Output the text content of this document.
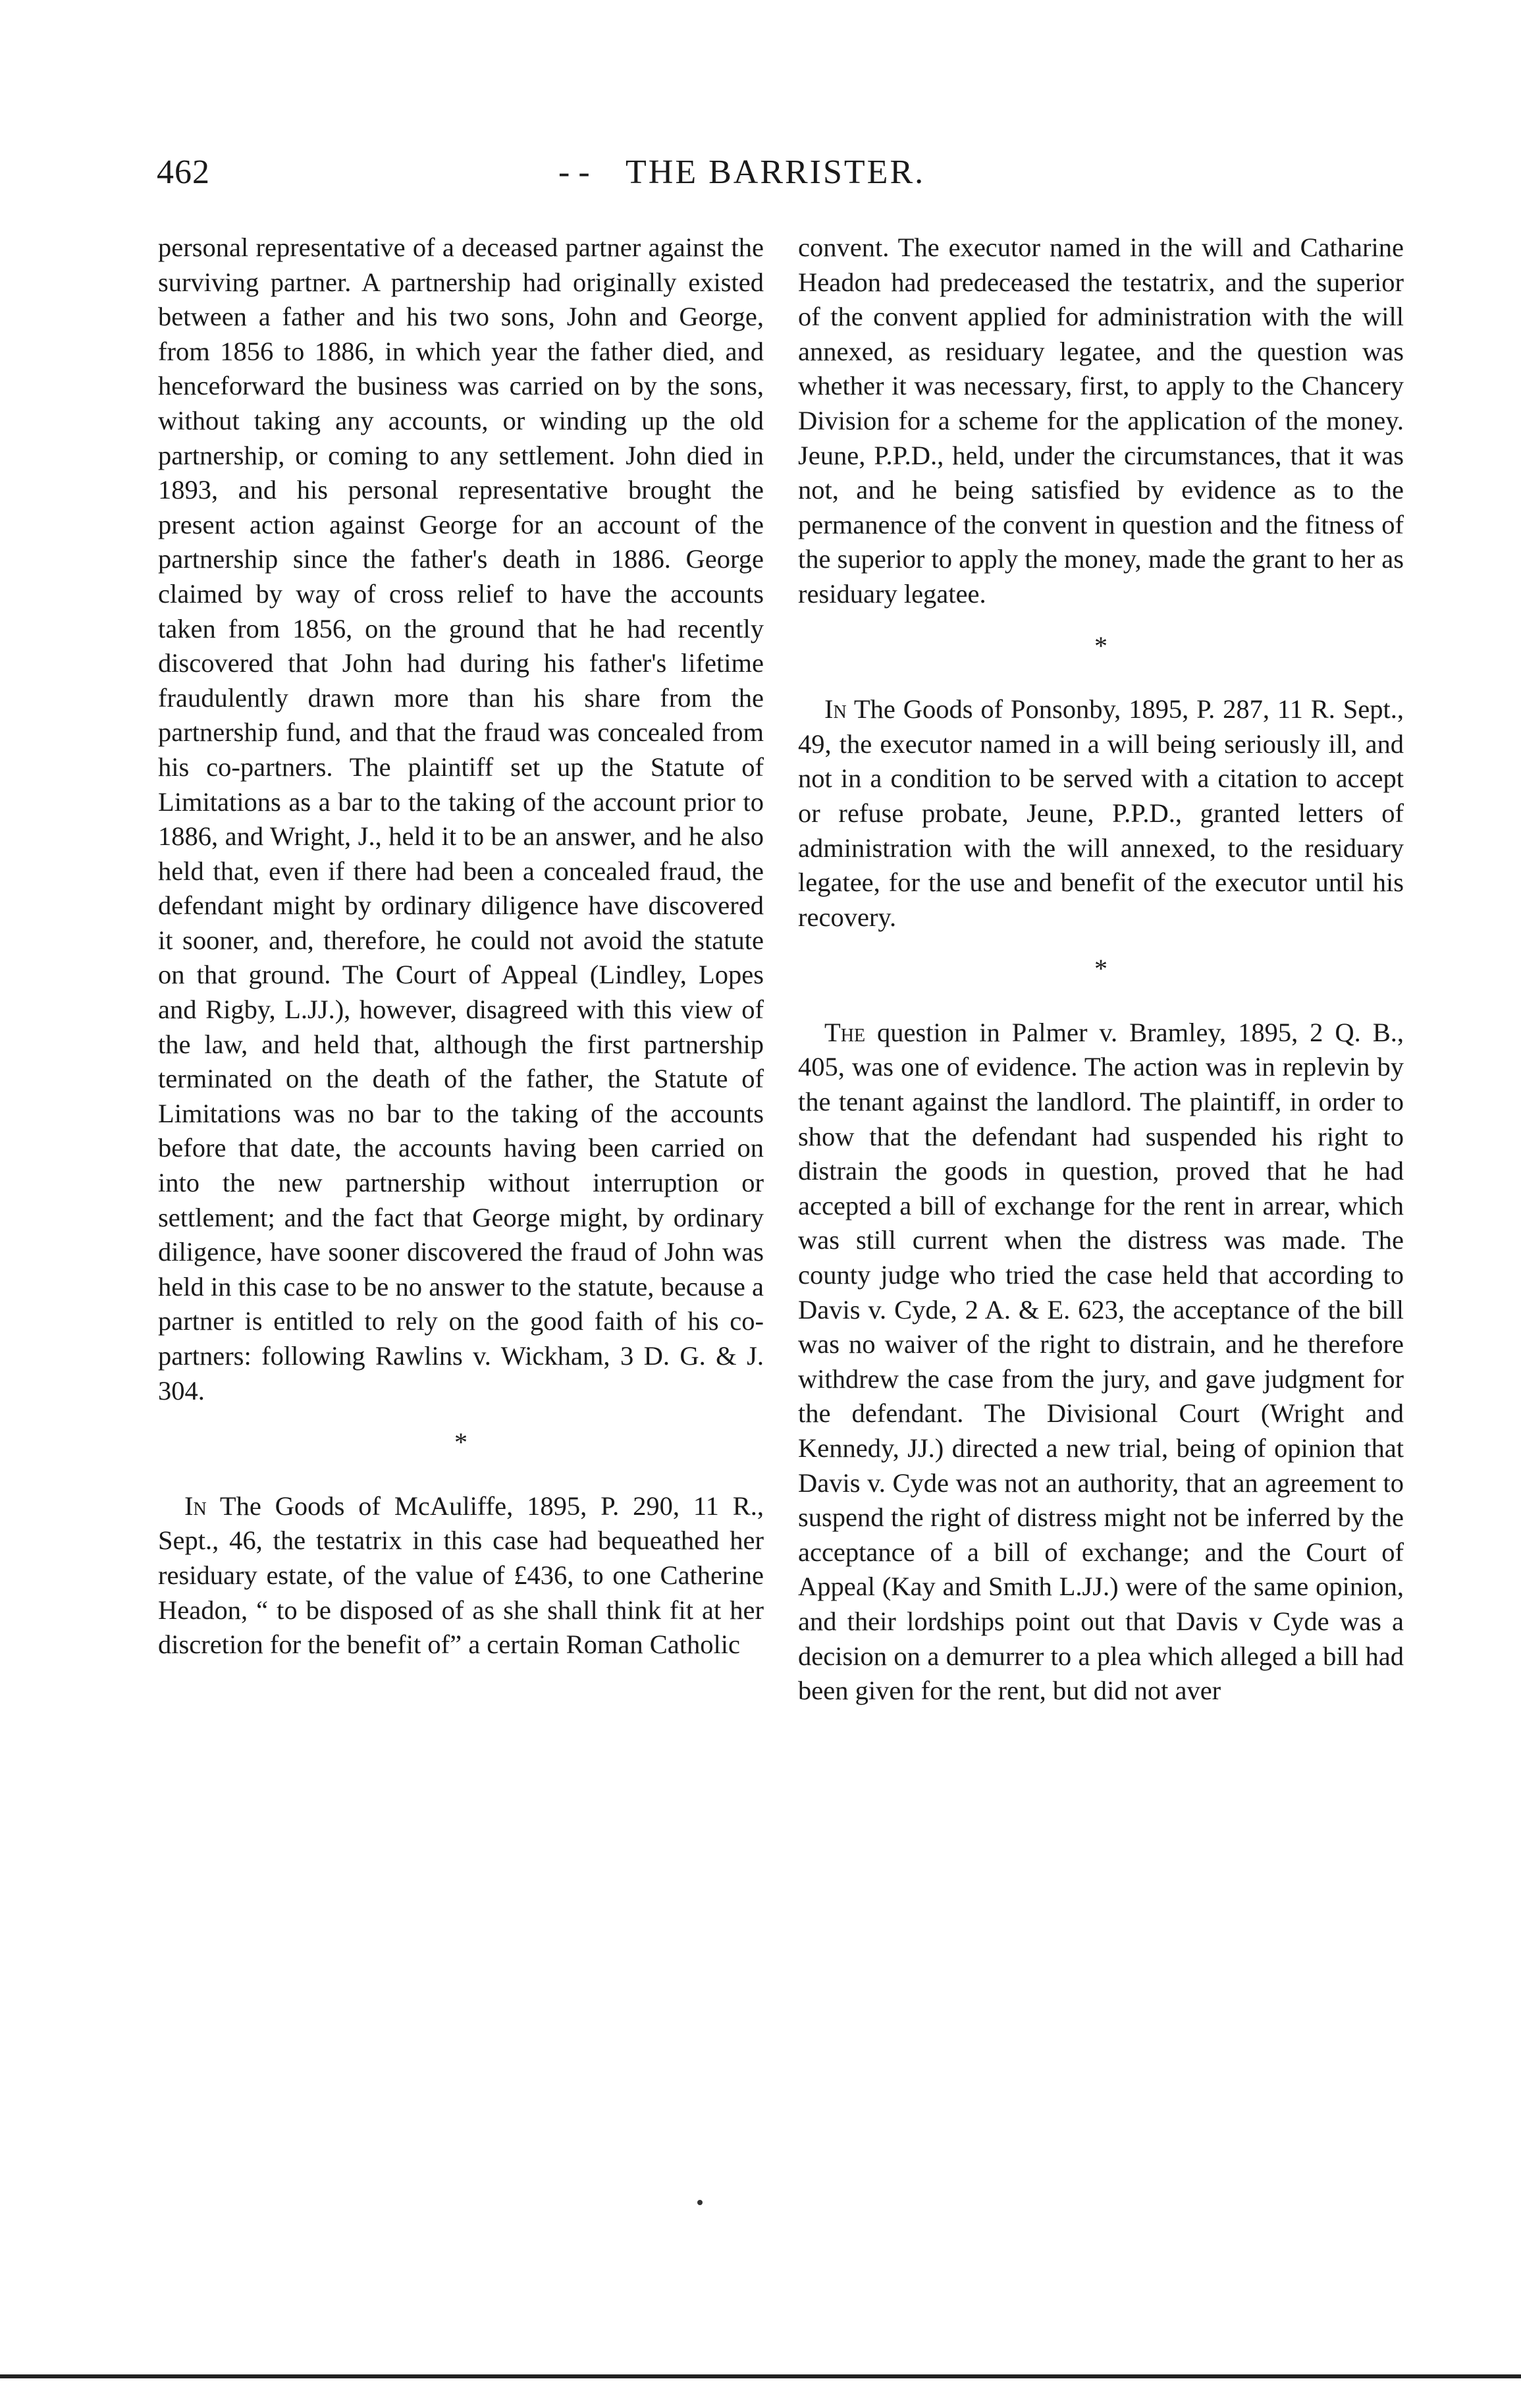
462	- - THE BARRISTER.

personal representative of a deceased partner against the surviving partner. A partnership had originally existed between a father and his two sons, John and George, from 1856 to 1886, in which year the father died, and henceforward the business was carried on by the sons, without taking any accounts, or winding up the old partnership, or coming to any settlement. John died in 1893, and his personal representative brought the present action against George for an account of the partnership since the father's death in 1886. George claimed by way of cross relief to have the accounts taken from 1856, on the ground that he had recently discovered that John had during his father's lifetime fraudulently drawn more than his share from the partnership fund, and that the fraud was concealed from his co-partners. The plaintiff set up the Statute of Limitations as a bar to the taking of the account prior to 1886, and Wright, J., held it to be an answer, and he also held that, even if there had been a concealed fraud, the defendant might by ordinary diligence have discovered it sooner, and, therefore, he could not avoid the statute on that ground. The Court of Appeal (Lindley, Lopes and Rigby, L.JJ.), however, disagreed with this view of the law, and held that, although the first partnership terminated on the death of the father, the Statute of Limitations was no bar to the taking of the accounts before that date, the accounts having been carried on into the new partnership without interruption or settlement; and the fact that George might, by ordinary diligence, have sooner discovered the fraud of John was held in this case to be no answer to the statute, because a partner is entitled to rely on the good faith of his co-partners: following Rawlins v. Wickham, 3 D. G. & J. 304.

*

In The Goods of McAuliffe, 1895, P. 290, 11 R., Sept., 46, the testatrix in this case had bequeathed her residuary estate, of the value of £436, to one Catherine Headon, “ to be disposed of as she shall think fit at her discretion for the benefit of” a certain Roman Catholic

convent. The executor named in the will and Catharine Headon had predeceased the testatrix, and the superior of the convent applied for administration with the will annexed, as residuary legatee, and the question was whether it was necessary, first, to apply to the Chancery Division for a scheme for the application of the money. Jeune, P.P.D., held, under the circumstances, that it was not, and he being satisfied by evidence as to the permanence of the convent in question and the fitness of the superior to apply the money, made the grant to her as residuary legatee.

*

In The Goods of Ponsonby, 1895, P. 287, 11 R. Sept., 49, the executor named in a will being seriously ill, and not in a condition to be served with a citation to accept or refuse probate, Jeune, P.P.D., granted letters of administration with the will annexed, to the residuary legatee, for the use and benefit of the executor until his recovery.

*

The question in Palmer v. Bramley, 1895, 2 Q. B., 405, was one of evidence. The action was in replevin by the tenant against the landlord. The plaintiff, in order to show that the defendant had suspended his right to distrain the goods in question, proved that he had accepted a bill of exchange for the rent in arrear, which was still current when the distress was made. The county judge who tried the case held that according to Davis v. Cyde, 2 A. & E. 623, the acceptance of the bill was no waiver of the right to distrain, and he therefore withdrew the case from the jury, and gave judgment for the defendant. The Divisional Court (Wright and Kennedy, JJ.) directed a new trial, being of opinion that Davis v. Cyde was not an authority, that an agreement to suspend the right of distress might not be inferred by the acceptance of a bill of exchange; and the Court of Appeal (Kay and Smith L.JJ.) were of the same opinion, and their lordships point out that Davis v Cyde was a decision on a demurrer to a plea which alleged a bill had been given for the rent, but did not aver
